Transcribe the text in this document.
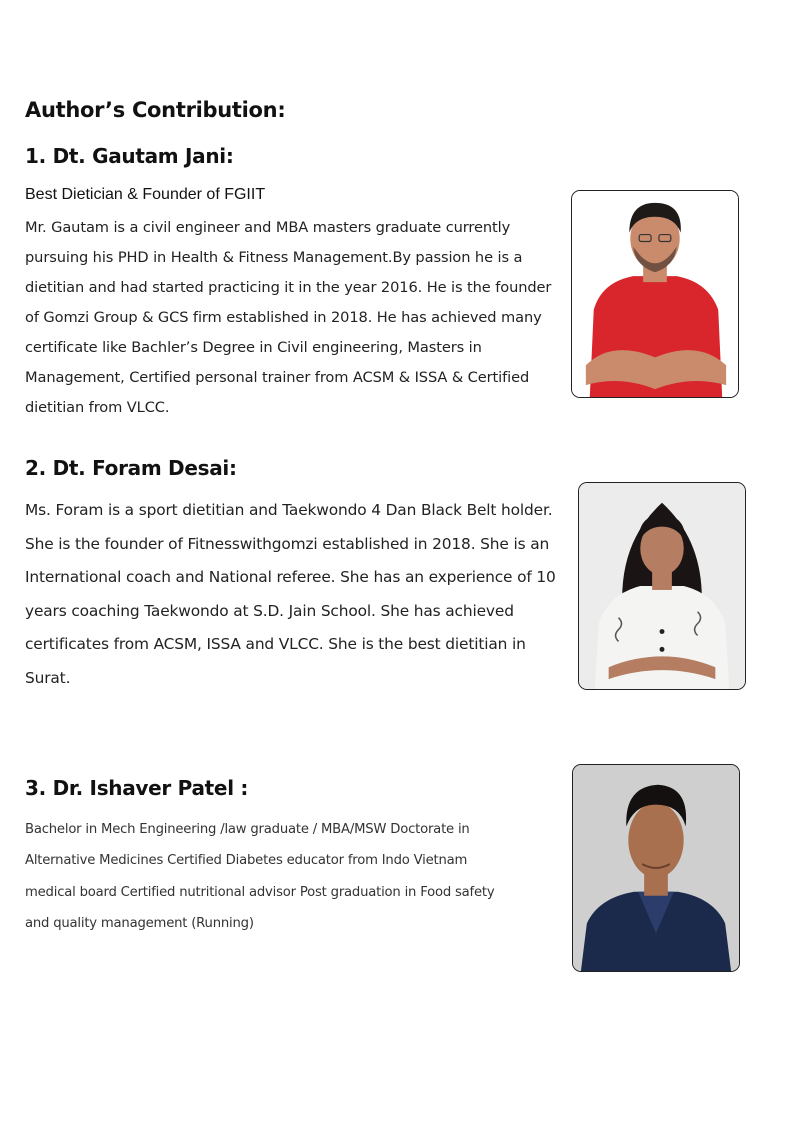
Author’s Contribution:
1. Dt. Gautam Jani:
Best Dietician & Founder of FGIIT

Mr. Gautam is a civil engineer and MBA masters graduate currently pursuing his PHD in Health & Fitness Management.By passion he is a dietitian and had started practicing it in the year 2016. He is the founder of Gomzi Group & GCS firm established in 2018. He has achieved many certificate like Bachler’s Degree in Civil engineering, Masters in Management, Certified personal trainer from ACSM & ISSA & Certified dietitian from VLCC.

2. Dt. Foram Desai:

Ms. Foram is a sport dietitian and Taekwondo 4 Dan Black Belt holder. She is the founder of Fitnesswithgomzi established in 2018. She is an International coach and National referee. She has an experience of 10 years coaching Taekwondo at S.D. Jain School. She has achieved certificates from ACSM, ISSA and VLCC. She is the best dietitian in Surat.

3. Dr. Ishaver Patel :

Bachelor in Mech Engineering /law graduate / MBA/MSW Doctorate in Alternative Medicines Certified Diabetes educator from Indo Vietnam medical board Certified nutritional advisor Post graduation in Food safety and quality management (Running)
